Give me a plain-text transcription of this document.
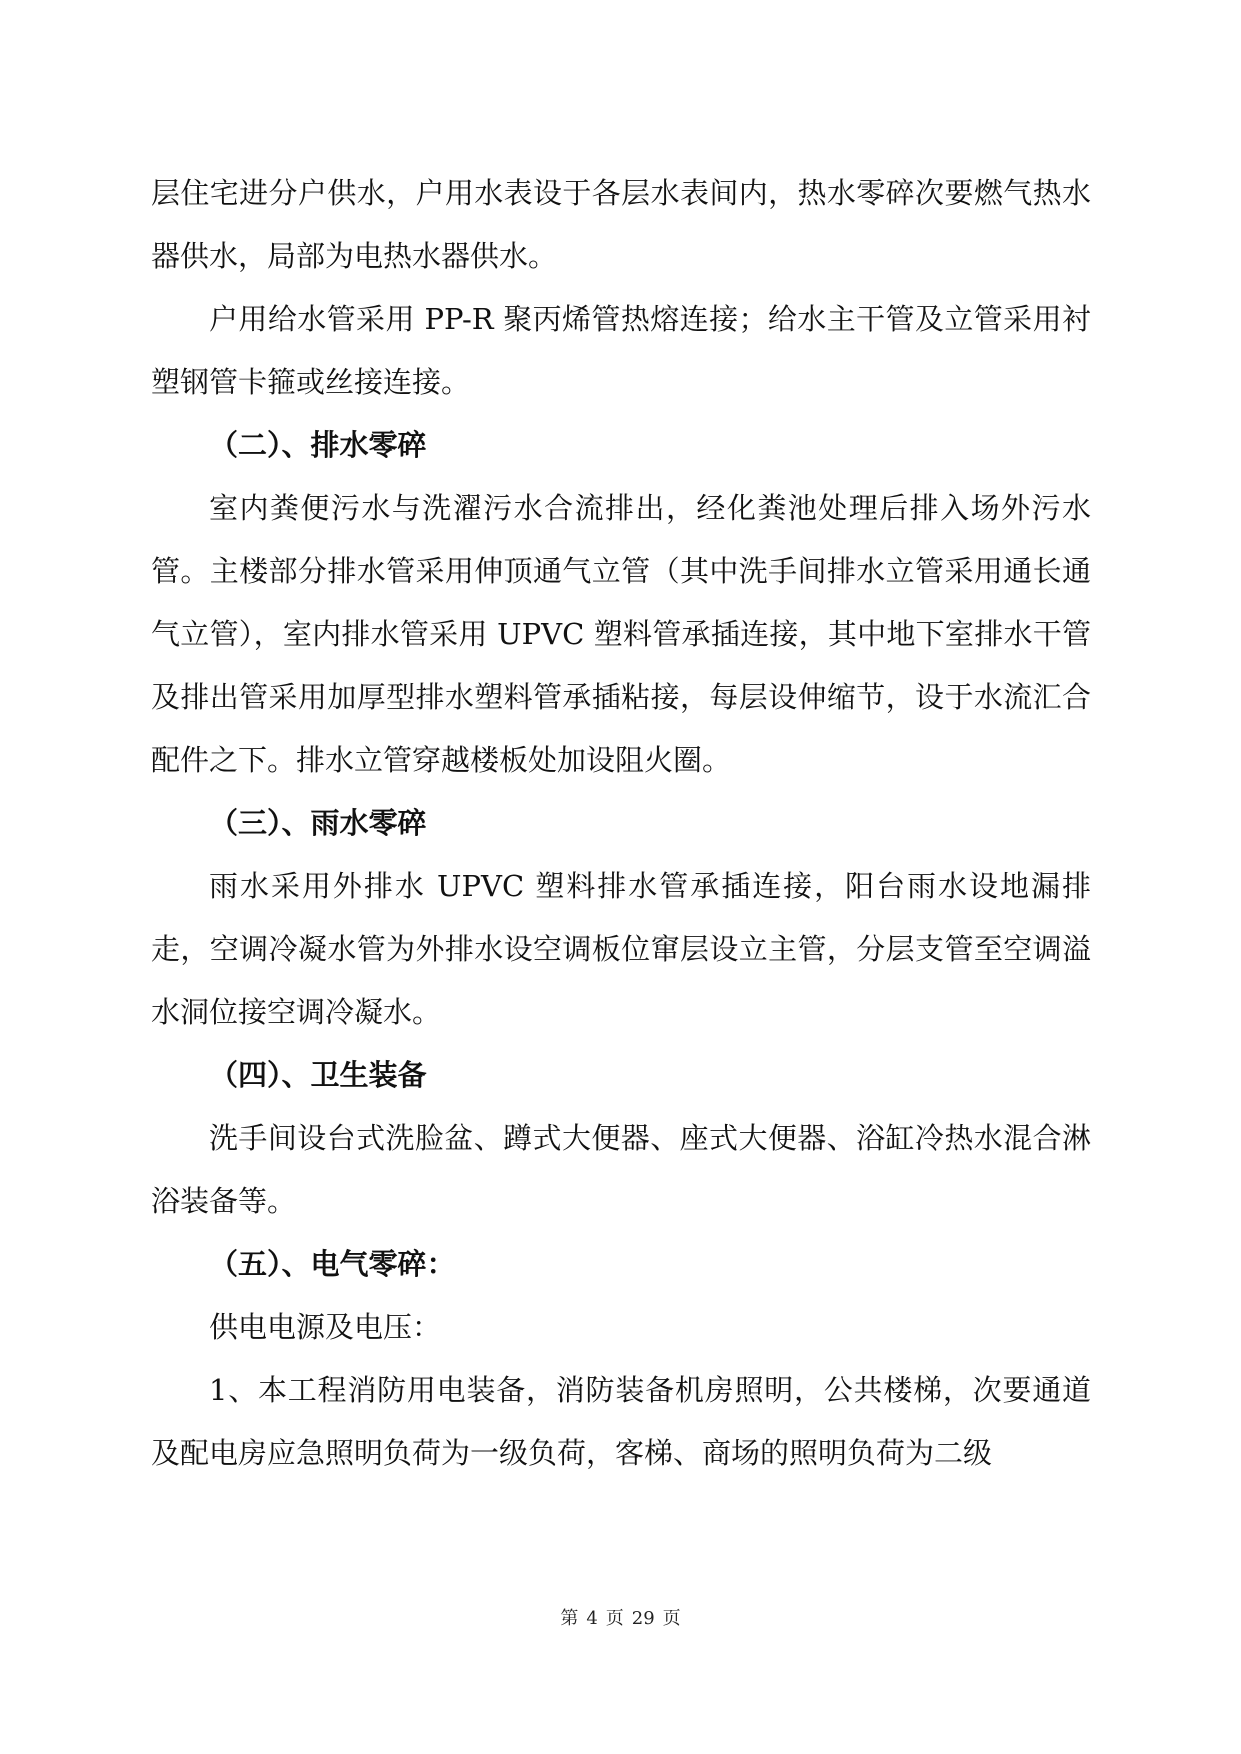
层住宅进分户供水，户用水表设于各层水表间内，热水零碎次要燃气热水器供水，局部为电热水器供水。

户用给水管采用 PP-R 聚丙烯管热熔连接；给水主干管及立管采用衬塑钢管卡箍或丝接连接。

（二）、排水零碎

室内粪便污水与洗濯污水合流排出，经化粪池处理后排入场外污水管。主楼部分排水管采用伸顶通气立管（其中洗手间排水立管采用通长通气立管），室内排水管采用 UPVC 塑料管承插连接，其中地下室排水干管及排出管采用加厚型排水塑料管承插粘接，每层设伸缩节，设于水流汇合配件之下。排水立管穿越楼板处加设阻火圈。

（三）、雨水零碎

雨水采用外排水 UPVC 塑料排水管承插连接，阳台雨水设地漏排走，空调冷凝水管为外排水设空调板位窜层设立主管，分层支管至空调溢水洞位接空调冷凝水。

（四）、卫生装备

洗手间设台式洗脸盆、蹲式大便器、座式大便器、浴缸冷热水混合淋浴装备等。

（五）、电气零碎：

供电电源及电压：

1、本工程消防用电装备，消防装备机房照明，公共楼梯，次要通道及配电房应急照明负荷为一级负荷，客梯、商场的照明负荷为二级

第 4 页 29 页
